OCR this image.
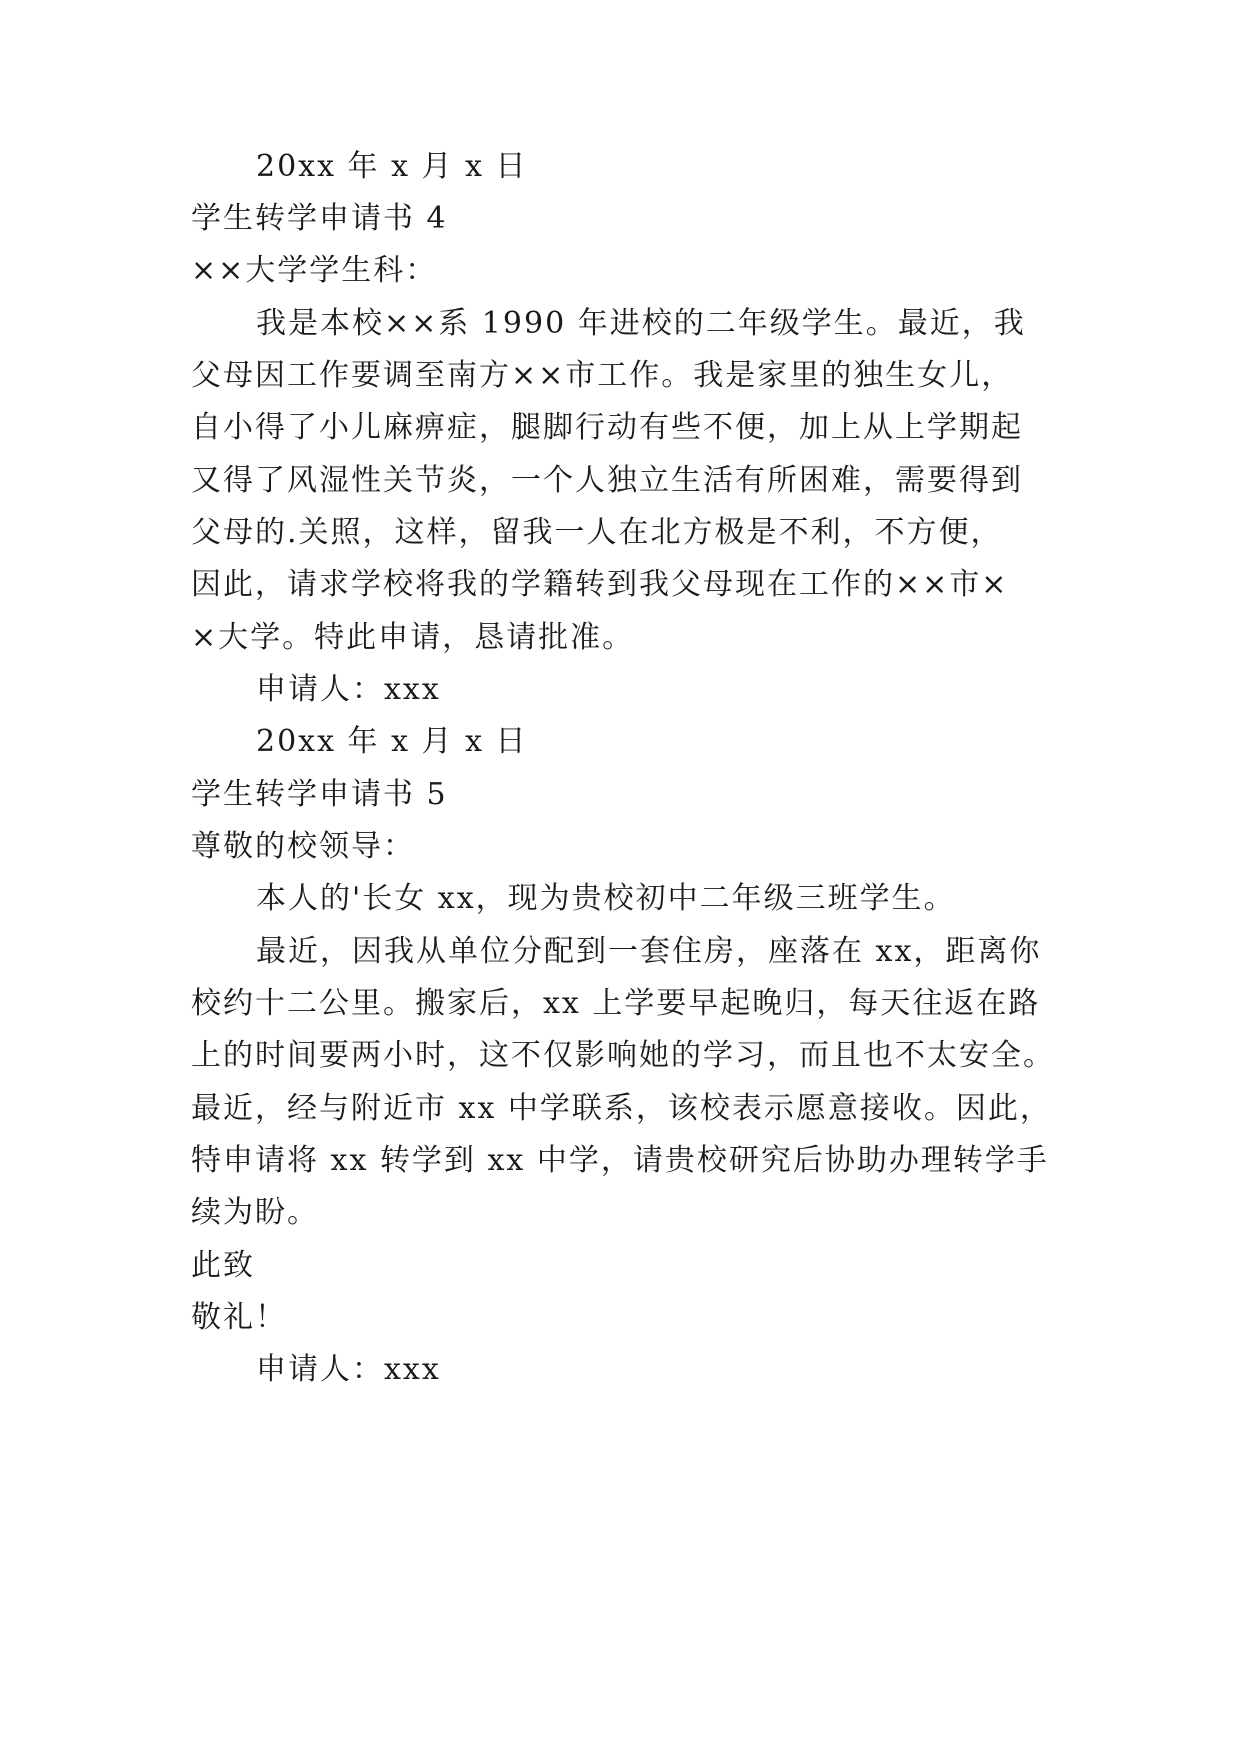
20xx 年 x 月 x 日

学生转学申请书 4

××大学学生科：

我是本校××系 1990 年进校的二年级学生。最近，我

父母因工作要调至南方××市工作。我是家里的独生女儿，

自小得了小儿麻痹症，腿脚行动有些不便，加上从上学期起

又得了风湿性关节炎，一个人独立生活有所困难，需要得到

父母的.关照，这样，留我一人在北方极是不利，不方便，

因此，请求学校将我的学籍转到我父母现在工作的××市×

×大学。特此申请，恳请批准。

申请人：xxx

20xx 年 x 月 x 日

学生转学申请书 5

尊敬的校领导：

本人的'长女 xx，现为贵校初中二年级三班学生。

最近，因我从单位分配到一套住房，座落在 xx，距离你

校约十二公里。搬家后，xx 上学要早起晚归，每天往返在路

上的时间要两小时，这不仅影响她的学习，而且也不太安全。

最近，经与附近市 xx 中学联系，该校表示愿意接收。因此，

特申请将 xx 转学到 xx 中学，请贵校研究后协助办理转学手

续为盼。

此致

敬礼！

申请人：xxx
